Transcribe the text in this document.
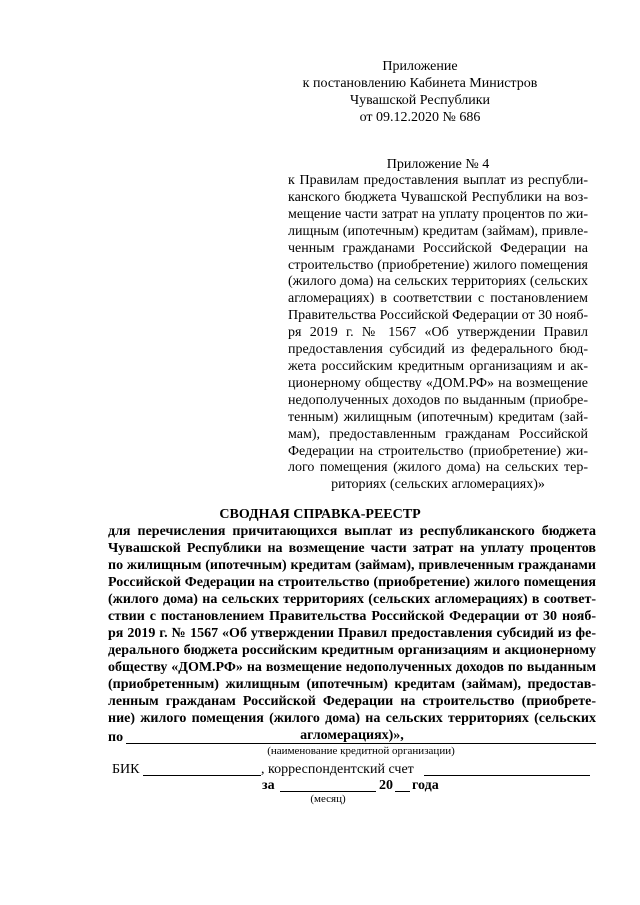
Приложение
к постановлению Кабинета Министров
Чувашской Республики
от 09.12.2020 № 686
Приложение № 4
к Правилам предоставления выплат из республи-
канского бюджета Чувашской Республики на воз-
мещение части затрат на уплату процентов по жи-
лищным (ипотечным) кредитам (займам), привле-
ченным гражданами Российской Федерации на
строительство (приобретение) жилого помещения
(жилого дома) на сельских территориях (сельских
агломерациях) в соответствии с постановлением
Правительства Российской Федерации от 30 нояб-
ря 2019 г. № 1567 «Об утверждении Правил
предоставления субсидий из федерального бюд-
жета российским кредитным организациям и ак-
ционерному обществу «ДОМ.РФ» на возмещение
недополученных доходов по выданным (приобре-
тенным) жилищным (ипотечным) кредитам (зай-
мам), предоставленным гражданам Российской
Федерации на строительство (приобретение) жи-
лого помещения (жилого дома) на сельских тер-
риториях (сельских агломерациях)»
СВОДНАЯ СПРАВКА-РЕЕСТР
для перечисления причитающихся выплат из республиканского бюджета
Чувашской Республики на возмещение части затрат на уплату процентов
по жилищным (ипотечным) кредитам (займам), привлеченным гражданами
Российской Федерации на строительство (приобретение) жилого помещения
(жилого дома) на сельских территориях (сельских агломерациях) в соответ-
ствии с постановлением Правительства Российской Федерации от 30 нояб-
ря 2019 г. № 1567 «Об утверждении Правил предоставления субсидий из фе-
дерального бюджета российским кредитным организациям и акционерному
обществу «ДОМ.РФ» на возмещение недополученных доходов по выданным
(приобретенным) жилищным (ипотечным) кредитам (займам), предостав-
ленным гражданам Российской Федерации на строительство (приобрете-
ние) жилого помещения (жилого дома) на сельских территориях (сельских
агломерациях)»,
по
(наименование кредитной организации)
БИК	, корреспондентский счет
за	20 года
(месяц)
